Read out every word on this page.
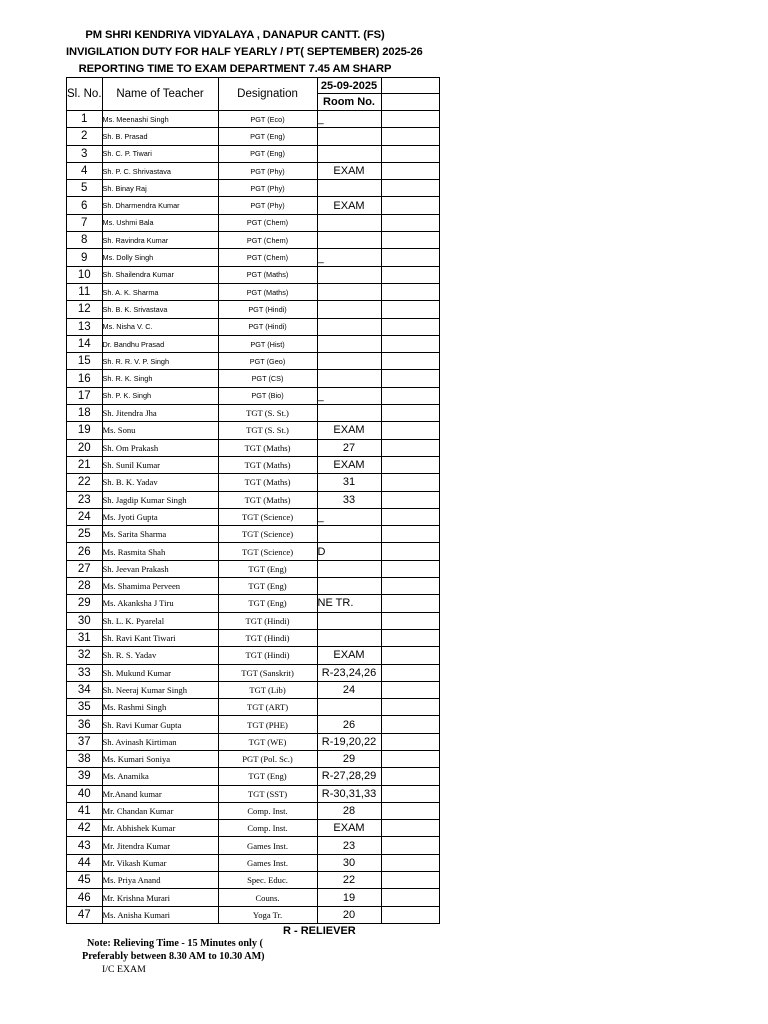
PM SHRI KENDRIYA VIDYALAYA , DANAPUR CANTT. (FS)
INVIGILATION DUTY FOR HALF YEARLY / PT( SEPTEMBER) 2025-26
REPORTING TIME TO EXAM DEPARTMENT 7.45 AM SHARP
Sl. No.	Name of Teacher	Designation	25-09-2025	
			Room No.	
1	Ms. Meenashi Singh	PGT (Eco)	_	
2	Sh. B. Prasad	PGT (Eng)		
3	Sh. C. P. Tiwari	PGT (Eng)		
4	Sh. P. C. Shrivastava	PGT (Phy)	EXAM	
5	Sh. Binay Raj	PGT (Phy)		
6	Sh. Dharmendra Kumar	PGT (Phy)	EXAM	
7	Ms. Ushmi Bala	PGT (Chem)		
8	Sh. Ravindra Kumar	PGT (Chem)		
9	Ms. Dolly Singh	PGT (Chem)	_	
10	Sh. Shailendra Kumar	PGT (Maths)		
11	Sh. A. K. Sharma	PGT (Maths)		
12	Sh. B. K. Srivastava	PGT (Hindi)		
13	Ms. Nisha V. C.	PGT (Hindi)		
14	Dr. Bandhu Prasad	PGT (Hist)		
15	Sh. R. R. V. P. Singh	PGT (Geo)		
16	Sh. R. K. Singh	PGT (CS)		
17	Sh. P. K. Singh	PGT (Bio)	_	
18	Sh. Jitendra Jha	TGT (S. St.)		
19	Ms. Sonu	TGT (S. St.)	EXAM	
20	Sh. Om Prakash	TGT (Maths)	27	
21	Sh. Sunil Kumar	TGT (Maths)	EXAM	
22	Sh. B. K. Yadav	TGT (Maths)	31	
23	Sh. Jagdip Kumar Singh	TGT (Maths)	33	
24	Ms. Jyoti Gupta	TGT (Science)	_	
25	Ms. Sarita Sharma	TGT (Science)		
26	Ms. Rasmita Shah	TGT (Science)	D	
27	Sh. Jeevan Prakash	TGT (Eng)		
28	Ms. Shamima Perveen	TGT (Eng)		
29	Ms. Akanksha J Tiru	TGT (Eng)	NE TR.	
30	Sh. L. K. Pyarelal	TGT (Hindi)		
31	Sh. Ravi Kant Tiwari	TGT (Hindi)		
32	Sh. R. S. Yadav	TGT (Hindi)	EXAM	
33	Sh. Mukund Kumar	TGT (Sanskrit)	R-23,24,26	
34	Sh. Neeraj Kumar Singh	TGT (Lib)	24	
35	Ms. Rashmi Singh	TGT (ART)		
36	Sh. Ravi Kumar Gupta	TGT (PHE)	26	
37	Sh. Avinash Kirtiman	TGT (WE)	R-19,20,22	
38	Ms. Kumari Soniya	PGT (Pol. Sc.)	29	
39	Ms. Anamika	TGT (Eng)	R-27,28,29	
40	Mr.Anand kumar	TGT (SST)	R-30,31,33	
41	Mr. Chandan Kumar	Comp. Inst.	28	
42	Mr. Abhishek Kumar	Comp. Inst.	EXAM	
43	Mr. Jitendra Kumar	Games Inst.	23	
44	Mr. Vikash Kumar	Games Inst.	30	
45	Ms. Priya Anand	Spec. Educ.	22	
46	Mr. Krishna Murari	Couns.	19	
47	Ms. Anisha Kumari	Yoga Tr.	20	
R - RELIEVER
Note: Relieving Time - 15 Minutes only (
Preferably between 8.30 AM to 10.30 AM)
I/C EXAM
